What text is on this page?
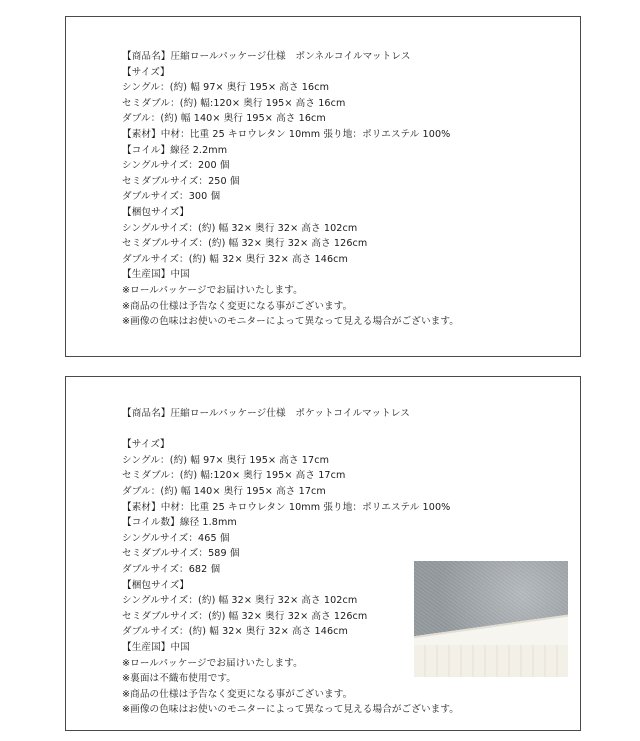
【商品名】圧縮ロールパッケージ仕様　ボンネルコイルマットレス
【サイズ】
シングル：(約) 幅 97× 奥行 195× 高さ 16cm
セミダブル：(約) 幅:120× 奥行 195× 高さ 16cm
ダブル：(約) 幅 140× 奥行 195× 高さ 16cm
【素材】中材：比重 25 キロウレタン 10mm 張り地：ポリエステル 100%
【コイル】線径 2.2mm
シングルサイズ：200 個
セミダブルサイズ：250 個
ダブルサイズ：300 個
【梱包サイズ】
シングルサイズ：(約) 幅 32× 奥行 32× 高さ 102cm
セミダブルサイズ：(約) 幅 32× 奥行 32× 高さ 126cm
ダブルサイズ：(約) 幅 32× 奥行 32× 高さ 146cm
【生産国】中国
※ロールパッケージでお届けいたします。
※商品の仕様は予告なく変更になる事がございます。
※画像の色味はお使いのモニターによって異なって見える場合がございます。
【商品名】圧縮ロールパッケージ仕様　ポケットコイルマットレス
【サイズ】
シングル：(約) 幅 97× 奥行 195× 高さ 17cm
セミダブル：(約) 幅:120× 奥行 195× 高さ 17cm
ダブル：(約) 幅 140× 奥行 195× 高さ 17cm
【素材】中材：比重 25 キロウレタン 10mm 張り地：ポリエステル 100%
【コイル数】線径 1.8mm
シングルサイズ：465 個
セミダブルサイズ：589 個
ダブルサイズ：682 個
【梱包サイズ】
シングルサイズ：(約) 幅 32× 奥行 32× 高さ 102cm
セミダブルサイズ：(約) 幅 32× 奥行 32× 高さ 126cm
ダブルサイズ：(約) 幅 32× 奥行 32× 高さ 146cm
【生産国】中国
※ロールパッケージでお届けいたします。
※裏面は不織布使用です。
※商品の仕様は予告なく変更になる事がございます。
※画像の色味はお使いのモニターによって異なって見える場合がございます。
